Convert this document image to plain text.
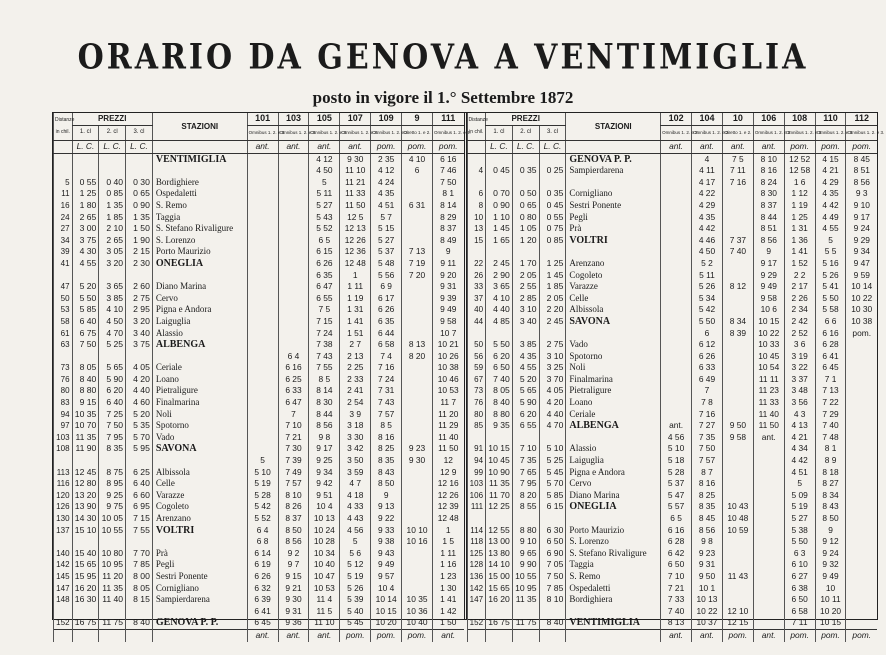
ORARIO DA GENOVA A VENTIMIGLIA
posto in vigore il 1.° Settembre 1872
Distanze in chil.	PREZZI			STAZIONI	101	103	105	107	109	9	111
	1. cl	2. cl	3. cl		Omnibus 1. 2. e 3.	Omnibus 1. 2. e 3.	Omnibus 1. 2. e 3.	Omnibus 1. 2. e 3.	Omnibus 1. 2. e 3.	Diretto 1. e 2.	Omnibus 1. 2. e 3.
	L. C.	L. C.	L. C.		ant.	ant.	ant.	ant.	pom.	pom.	pom.
				VENTIMIGLIA			4 12	9 30	2 35	4 10	6 16
							4 50	11 10	4 12	6	7 46
5	0 55	0 40	0 30	Bordighiere			5	11 21	4 24		7 50
11	1 25	0 85	0 65	Ospedaletti			5 11	11 33	4 35		8 1
16	1 80	1 35	0 90	S. Remo			5 27	11 50	4 51	6 31	8 14
24	2 65	1 85	1 35	Taggia			5 43	12 5	5 7		8 29
27	3 00	2 10	1 50	S. Stefano Rivaligure			5 52	12 13	5 15		8 37
34	3 75	2 65	1 90	S. Lorenzo			6 5	12 26	5 27		8 49
39	4 30	3 05	2 15	Porto Maurizio			6 15	12 36	5 37	7 13	9
41	4 55	3 20	2 30	ONEGLIA			6 26	12 48	5 48	7 19	9 11
							6 35	1	5 56	7 20	9 20
47	5 20	3 65	2 60	Diano Marina			6 47	1 11	6 9		9 31
50	5 50	3 85	2 75	Cervo			6 55	1 19	6 17		9 39
53	5 85	4 10	2 95	Pigna e Andora			7 5	1 31	6 26		9 49
58	6 40	4 50	3 20	Laiguglia			7 15	1 41	6 35		9 58
61	6 75	4 70	3 40	Alassio			7 24	1 51	6 44		10 7
63	7 50	5 25	3 75	ALBENGA			7 38	2 7	6 58	8 13	10 21
						6 4	7 43	2 13	7 4	8 20	10 26
73	8 05	5 65	4 05	Ceriale		6 16	7 55	2 25	7 16		10 38
76	8 40	5 90	4 20	Loano		6 25	8 5	2 33	7 24		10 46
80	8 80	6 20	4 40	Pietraligure		6 33	8 14	2 41	7 31		10 53
83	9 15	6 40	4 60	Finalmarina		6 47	8 30	2 54	7 43		11 7
94	10 35	7 25	5 20	Noli		7	8 44	3 9	7 57		11 20
97	10 70	7 50	5 35	Spotorno		7 10	8 56	3 18	8 5		11 29
103	11 35	7 95	5 70	Vado		7 21	9 8	3 30	8 16		11 40
108	11 90	8 35	5 95	SAVONA		7 30	9 17	3 42	8 25	9 23	11 50
					5	7 39	9 25	3 50	8 35	9 30	12
113	12 45	8 75	6 25	Albissola	5 10	7 49	9 34	3 59	8 43		12 9
116	12 80	8 95	6 40	Celle	5 19	7 57	9 42	4 7	8 50		12 16
120	13 20	9 25	6 60	Varazze	5 28	8 10	9 51	4 18	9		12 26
126	13 90	9 75	6 95	Cogoleto	5 42	8 26	10 4	4 33	9 13		12 39
130	14 30	10 05	7 15	Arenzano	5 52	8 37	10 13	4 43	9 22		12 48
137	15 10	10 55	7 55	VOLTRI	6 4	8 50	10 24	4 56	9 33	10 10	1
					6 8	8 56	10 28	5	9 38	10 16	1 5
140	15 40	10 80	7 70	Prà	6 14	9 2	10 34	5 6	9 43		1 11
142	15 65	10 95	7 85	Pegli	6 19	9 7	10 40	5 12	9 49		1 16
145	15 95	11 20	8 00	Sestri Ponente	6 26	9 15	10 47	5 19	9 57		1 23
147	16 20	11 35	8 05	Cornigliano	6 32	9 21	10 53	5 26	10 4		1 30
148	16 30	11 40	8 15	Sampierdarena	6 39	9 30	11 4	5 39	10 14	10 35	1 41
					6 41	9 31	11 5	5 40	10 15	10 36	1 42
152	16 75	11 75	8 40	GENOVA P. P.	6 45	9 36	11 10	5 45	10 20	10 40	1 50
					ant.	ant.	ant.	pom.	pom.	pom.	ant.
Distanze in chil.	PREZZI			STAZIONI	102	104	10	106	108	110	112
	1. cl	2. cl	3. cl		Omnibus 1. 2. e 3.	Omnibus 1. 2. e 3.	Diretto 1. e 2.	Omnibus 1. 2. e 3.	Omnibus 1. 2. e 3.	Omnibus 1. 2. e 3.	Omnibus 1. 2. e 3.
	L. C.	L. C.	L. C.		ant.	ant.	ant.	ant.	pom.	pom.	pom.
				GENOVA P. P.		4	7 5	8 10	12 52	4 15	8 45
4	0 45	0 35	0 25	Sampierdarena		4 11	7 11	8 16	12 58	4 21	8 51
						4 17	7 16	8 24	1 6	4 29	8 56
6	0 70	0 50	0 35	Cornigliano		4 22		8 30	1 12	4 35	9 3
8	0 90	0 65	0 45	Sestri Ponente		4 29		8 37	1 19	4 42	9 10
10	1 10	0 80	0 55	Pegli		4 35		8 44	1 25	4 49	9 17
13	1 45	1 05	0 75	Prà		4 42		8 51	1 31	4 55	9 24
15	1 65	1 20	0 85	VOLTRI		4 46	7 37	8 56	1 36	5	9 29
						4 50	7 40	9	1 41	5 5	9 34
22	2 45	1 70	1 25	Arenzano		5 2		9 17	1 52	5 16	9 47
26	2 90	2 05	1 45	Cogoleto		5 11		9 29	2 2	5 26	9 59
33	3 65	2 55	1 85	Varazze		5 26	8 12	9 49	2 17	5 41	10 14
37	4 10	2 85	2 05	Celle		5 34		9 58	2 26	5 50	10 22
40	4 40	3 10	2 20	Albissola		5 42		10 6	2 34	5 58	10 30
44	4 85	3 40	2 45	SAVONA		5 50	8 34	10 15	2 42	6 6	10 38
						6	8 39	10 22	2 52	6 16	pom.
50	5 50	3 85	2 75	Vado		6 12		10 33	3 6	6 28	
56	6 20	4 35	3 10	Spotorno		6 26		10 45	3 19	6 41	
59	6 50	4 55	3 25	Noli		6 33		10 54	3 22	6 45	
67	7 40	5 20	3 70	Finalmarina		6 49		11 11	3 37	7 1	
73	8 05	5 65	4 05	Pietraligure		7		11 23	3 48	7 13	
76	8 40	5 90	4 20	Loano		7 8		11 33	3 56	7 22	
80	8 80	6 20	4 40	Ceriale		7 16		11 40	4 3	7 29	
85	9 35	6 55	4 70	ALBENGA	ant.	7 27	9 50	11 50	4 13	7 40	
					4 56	7 35	9 58	ant.	4 21	7 48	
91	10 15	7 10	5 10	Alassio	5 10	7 50			4 34	8 1	
94	10 45	7 35	5 25	Laiguglia	5 18	7 57			4 42	8 9	
99	10 90	7 65	5 45	Pigna e Andora	5 28	8 7			4 51	8 18	
103	11 35	7 95	5 70	Cervo	5 37	8 16			5	8 27	
106	11 70	8 20	5 85	Diano Marina	5 47	8 25			5 09	8 34	
111	12 25	8 55	6 15	ONEGLIA	5 57	8 35	10 43		5 19	8 43	
					6 5	8 45	10 48		5 27	8 50	
114	12 55	8 80	6 30	Porto Maurizio	6 16	8 56	10 59		5 38	9	
118	13 00	9 10	6 50	S. Lorenzo	6 28	9 8			5 50	9 12	
125	13 80	9 65	6 90	S. Stefano Rivaligure	6 42	9 23			6 3	9 24	
128	14 10	9 90	7 05	Taggia	6 50	9 31			6 10	9 32	
136	15 00	10 55	7 50	S. Remo	7 10	9 50	11 43		6 27	9 49	
142	15 65	10 95	7 85	Ospedaletti	7 21	10 1			6 38	10	
147	16 20	11 35	8 10	Bordighiera	7 33	10 13			6 50	10 11	
					7 40	10 22	12 10		6 58	10 20	
152	16 75	11 75	8 40	VENTIMIGLIA	8 13	10 37	12 15		7 11	10 15	
					ant.	ant.	pom.	ant.	pom.	pom.	pom.
